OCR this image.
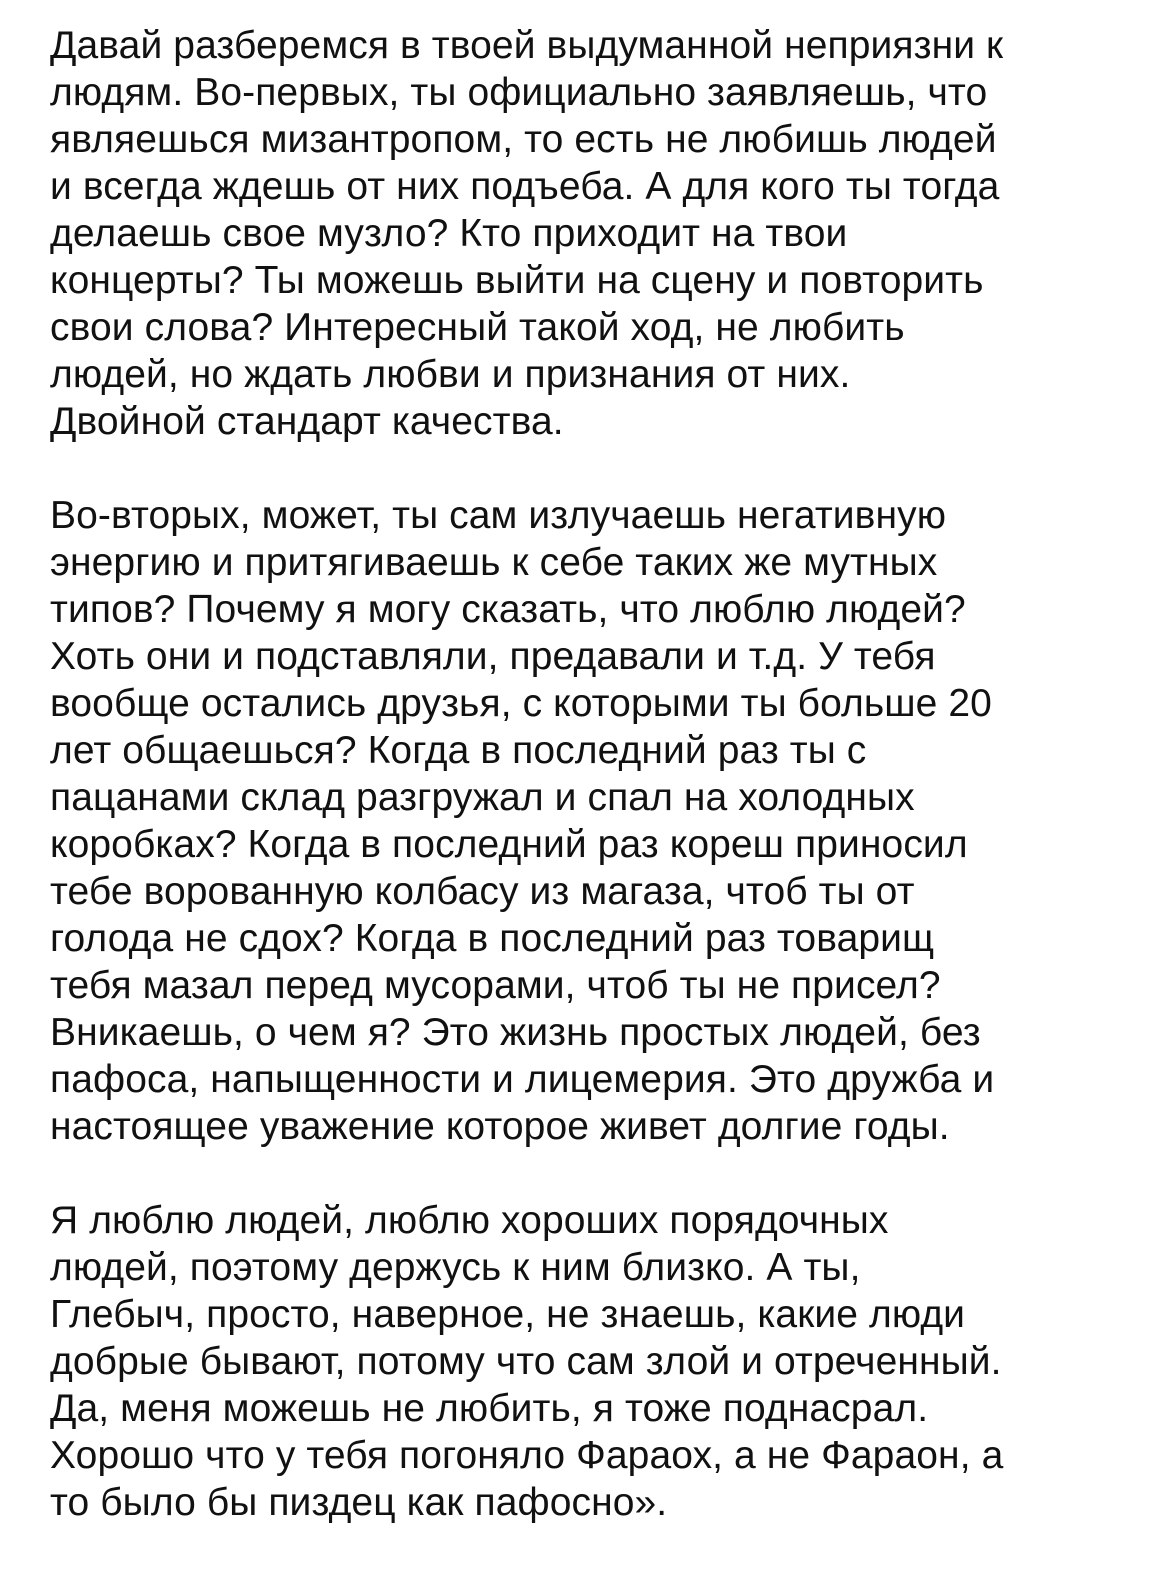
Давай разберемся в твоей выдуманной неприязни к
людям. Во-первых, ты официально заявляешь, что
являешься мизантропом, то есть не любишь людей
и всегда ждешь от них подъеба. А для кого ты тогда
делаешь свое музло? Кто приходит на твои
концерты? Ты можешь выйти на сцену и повторить
свои слова? Интересный такой ход, не любить
людей, но ждать любви и признания от них.
Двойной стандарт качества.

Во-вторых, может, ты сам излучаешь негативную
энергию и притягиваешь к себе таких же мутных
типов? Почему я могу сказать, что люблю людей?
Хоть они и подставляли, предавали и т.д. У тебя
вообще остались друзья, с которыми ты больше 20
лет общаешься? Когда в последний раз ты с
пацанами склад разгружал и спал на холодных
коробках? Когда в последний раз кореш приносил
тебе ворованную колбасу из магаза, чтоб ты от
голода не сдох? Когда в последний раз товарищ
тебя мазал перед мусорами, чтоб ты не присел?
Вникаешь, о чем я? Это жизнь простых людей, без
пафоса, напыщенности и лицемерия. Это дружба и
настоящее уважение которое живет долгие годы.

Я люблю людей, люблю хороших порядочных
людей, поэтому держусь к ним близко. А ты,
Глебыч, просто, наверное, не знаешь, какие люди
добрые бывают, потому что сам злой и отреченный.
Да, меня можешь не любить, я тоже поднасрал.
Хорошо что у тебя погоняло Фараох, а не Фараон, а
то было бы пиздец как пафосно».
